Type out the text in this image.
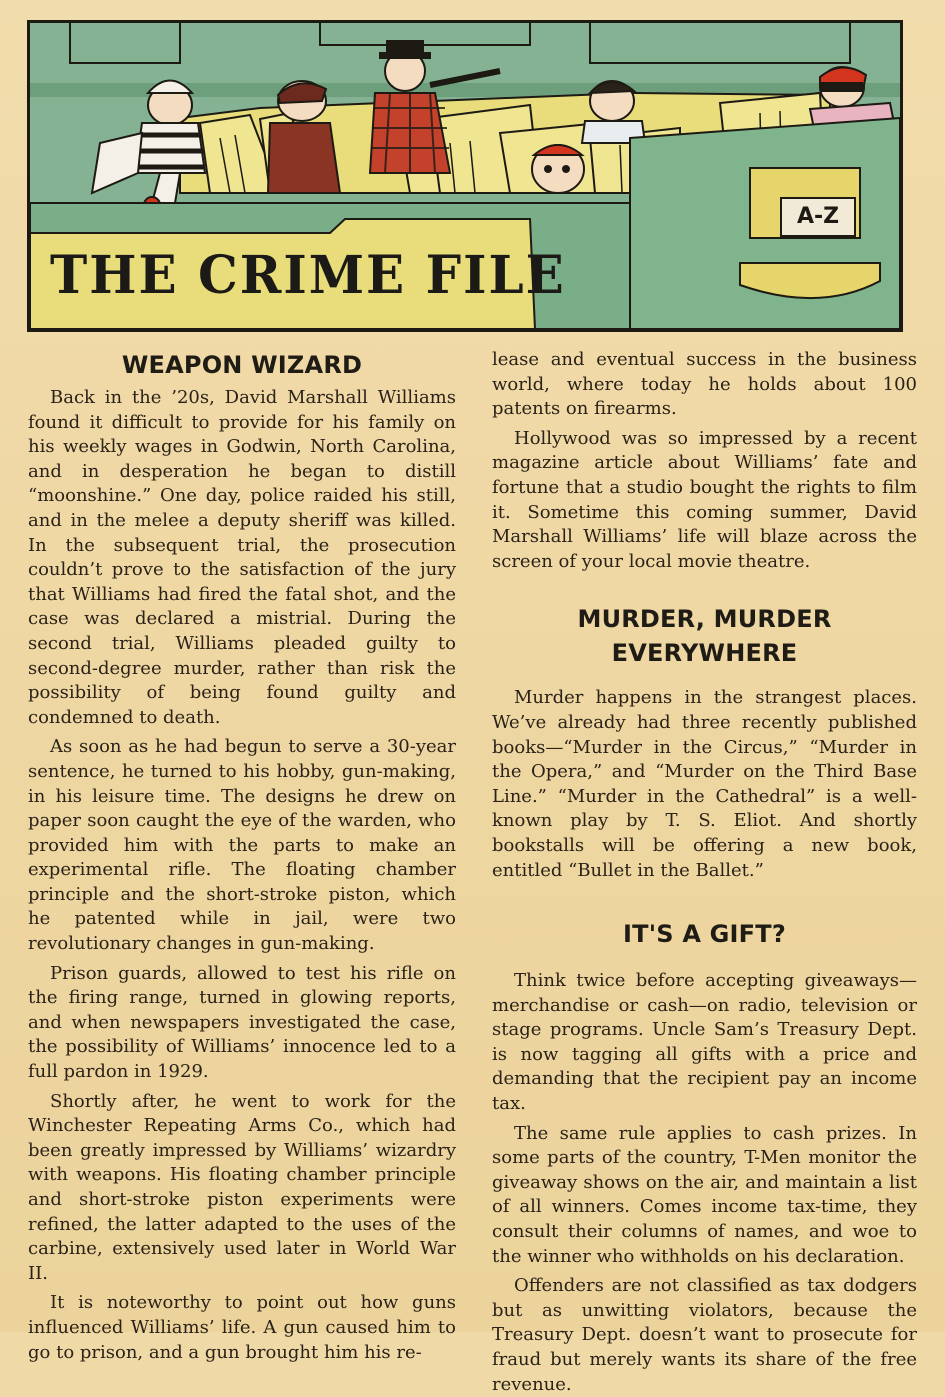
THE CRIME FILE
A-Z
WEAPON WIZARD

Back in the ’20s, David Marshall Williams found it difficult to provide for his family on his weekly wages in Godwin, North Carolina, and in desperation he began to distill “moonshine.” One day, police raided his still, and in the melee a deputy sheriff was killed. In the subsequent trial, the prosecution couldn’t prove to the satisfaction of the jury that Williams had fired the fatal shot, and the case was declared a mistrial. During the second trial, Williams pleaded guilty to second-degree murder, rather than risk the possibility of being found guilty and condemned to death.

As soon as he had begun to serve a 30-year sentence, he turned to his hobby, gun-making, in his leisure time. The designs he drew on paper soon caught the eye of the warden, who provided him with the parts to make an experimental rifle. The floating chamber principle and the short-stroke piston, which he patented while in jail, were two revolutionary changes in gun-making.

Prison guards, allowed to test his rifle on the firing range, turned in glowing reports, and when newspapers investigated the case, the possibility of Williams’ innocence led to a full pardon in 1929.

Shortly after, he went to work for the Winchester Repeating Arms Co., which had been greatly impressed by Williams’ wizardry with weapons. His floating chamber principle and short-stroke piston experiments were refined, the latter adapted to the uses of the carbine, extensively used later in World War II.

It is noteworthy to point out how guns influenced Williams’ life. A gun caused him to go to prison, and a gun brought him his re-

lease and eventual success in the business world, where today he holds about 100 patents on firearms.

Hollywood was so impressed by a recent magazine article about Williams’ fate and fortune that a studio bought the rights to film it. Sometime this coming summer, David Marshall Williams’ life will blaze across the screen of your local movie theatre.

MURDER, MURDER EVERYWHERE

Murder happens in the strangest places. We’ve already had three recently published books—“Murder in the Circus,” “Murder in the Opera,” and “Murder on the Third Base Line.” “Murder in the Cathedral” is a well-known play by T. S. Eliot. And shortly bookstalls will be offering a new book, entitled “Bullet in the Ballet.”

IT'S A GIFT?

Think twice before accepting giveaways—merchandise or cash—on radio, television or stage programs. Uncle Sam’s Treasury Dept. is now tagging all gifts with a price and demanding that the recipient pay an income tax.

The same rule applies to cash prizes. In some parts of the country, T-Men monitor the giveaway shows on the air, and maintain a list of all winners. Comes income tax-time, they consult their columns of names, and woe to the winner who withholds on his declaration.

Offenders are not classified as tax dodgers but as unwitting violators, because the Treasury Dept. doesn’t want to prosecute for fraud but merely wants its share of the free revenue.
